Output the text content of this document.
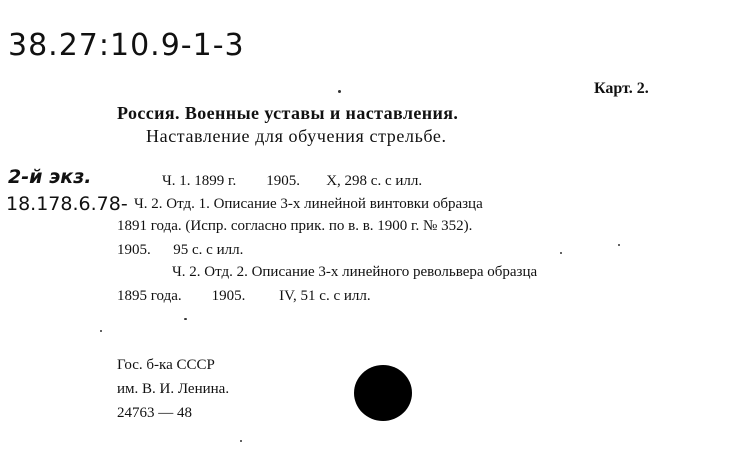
38.27:10.9-1-3
Карт. 2.
Россия. Военные уставы и наставления.
Наставление для обучения стрельбе.
2-й экз.
18.178.6.78-
Ч. 1. 1899 г.        1905.       X, 298 с. с илл.
Ч. 2. Отд. 1. Описание 3-х линейной винтовки образца
1891 года. (Испр. согласно прик. по в. в. 1900 г. № 352).
1905.      95 с. с илл.
Ч. 2. Отд. 2. Описание 3-х линейного револьвера образца
1895 года.        1905.         IV, 51 с. с илл.
Гос. б-ка СССР
им. В. И. Ленина.
24763 — 48
